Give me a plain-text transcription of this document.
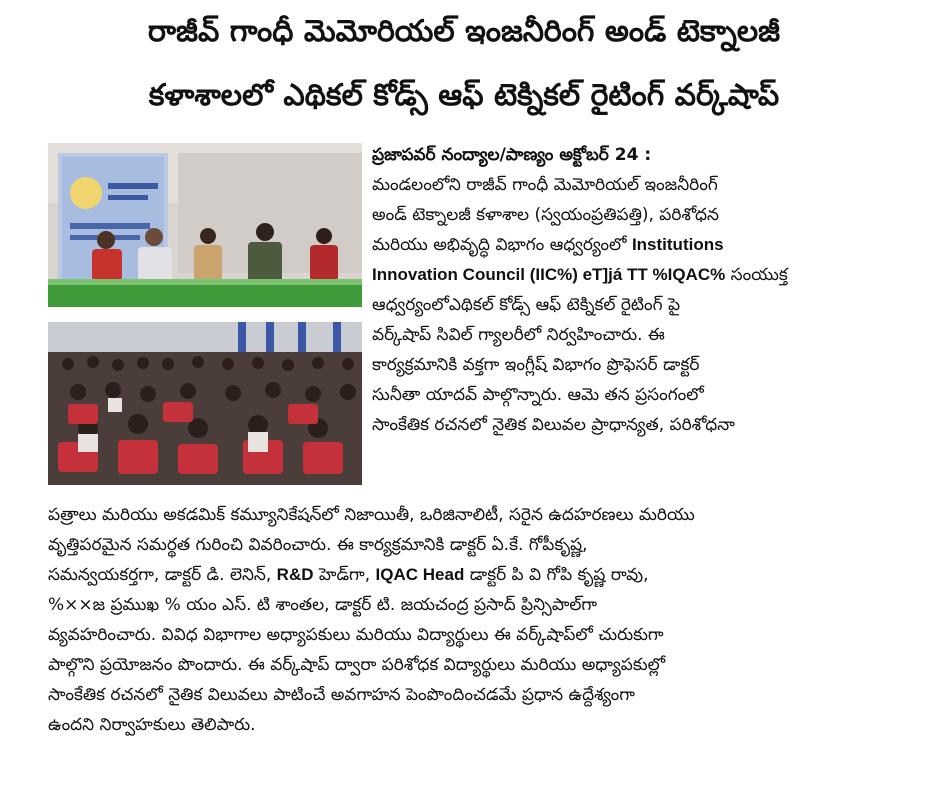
రాజీవ్ గాంధీ మెమోరియల్ ఇంజనీరింగ్ అండ్ టెక్నాలజీ
కళాశాలలో ఎథికల్ కోడ్స్ ఆఫ్ టెక్నికల్ రైటింగ్ వర్క్‌షాప్
ప్రజాపవర్ నంద్యాల/పాణ్యం అక్టోబర్ 24 :
మండలంలోని రాజీవ్ గాంధీ మెమోరియల్ ఇంజనీరింగ్
అండ్ టెక్నాలజీ కళాశాల (స్వయంప్రతిపత్తి), పరిశోధన
మరియు అభివృద్ధి విభాగం ఆధ్వర్యంలో Institutions
Innovation Council (IIC%) eT]já TT %IQAC% సంయుక్త
ఆధ్వర్యంలోఎథికల్ కోడ్స్ ఆఫ్ టెక్నికల్ రైటింగ్ పై
వర్క్‌షాప్ సివిల్ గ్యాలరీలో నిర్వహించారు. ఈ
కార్యక్రమానికి వక్తగా ఇంగ్లీష్ విభాగం ప్రొఫెసర్ డాక్టర్
సునీతా యాదవ్ పాల్గొన్నారు. ఆమె తన ప్రసంగంలో
సాంకేతిక రచనలో నైతిక విలువల ప్రాధాన్యత, పరిశోధనా
పత్రాలు మరియు అకడమిక్ కమ్యూనికేషన్‌లో నిజాయితీ, ఒరిజినాలిటీ, సరైన ఉదహరణలు మరియు
వృత్తిపరమైన సమర్థత గురించి వివరించారు. ఈ కార్యక్రమానికి డాక్టర్ ఏ.కే. గోపీకృష్ణ,
సమన్వయకర్తగా, డాక్టర్ డి. లెనిన్, R&D హెడ్‌గా, IQAC Head డాక్టర్ పి వి గోపి కృష్ణ రావు,
%××జ ప్రముఖ % యం ఎస్. టి శాంతల, డాక్టర్ టి. జయచంద్ర ప్రసాద్ ప్రిన్సిపాల్‌గా
వ్యవహరించారు. వివిధ విభాగాల అధ్యాపకులు మరియు విద్యార్థులు ఈ వర్క్‌షాప్‌లో చురుకుగా
పాల్గొని ప్రయోజనం పొందారు. ఈ వర్క్‌షాప్ ద్వారా పరిశోధక విద్యార్థులు మరియు అధ్యాపకుల్లో
సాంకేతిక రచనలో నైతిక విలువలు పాటించే అవగాహన పెంపొందించడమే ప్రధాన ఉద్దేశ్యంగా
ఉందని నిర్వాహకులు తెలిపారు.
